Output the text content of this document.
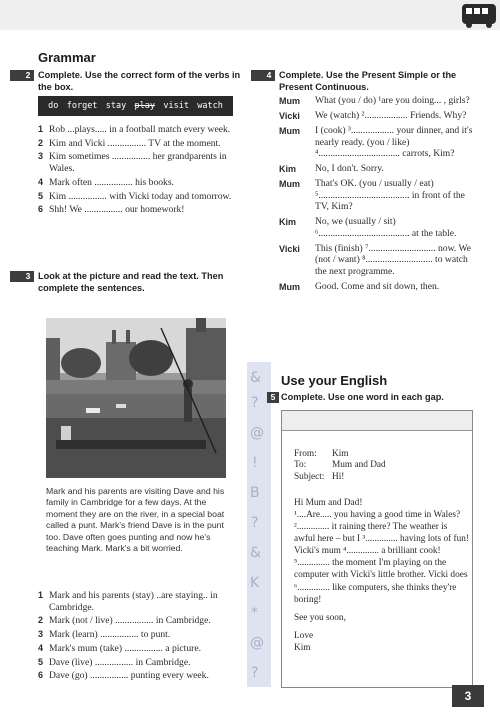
Grammar
2 Complete. Use the correct form of the verbs in the box.
do forget stay play visit watch
1 Rob ...plays..... in a football match every week.
2 Kim and Vicki ................ TV at the moment.
3 Kim sometimes ................ her grandparents in Wales.
4 Mark often ................ his books.
5 Kim ................ with Vicki today and tomorrow.
6 Shh! We ................ our homework!
3 Look at the picture and read the text. Then complete the sentences.
Mark and his parents are visiting Dave and his family in Cambridge for a few days. At the moment they are on the river, in a special boat called a punt. Mark's friend Dave is in the punt too. Dave often goes punting and now he's teaching Mark. Mark's a bit worried.
1 Mark and his parents (stay) ..are staying.. in Cambridge.
2 Mark (not / live) ................ in Cambridge.
3 Mark (learn) ................ to punt.
4 Mark's mum (take) ................ a picture.
5 Dave (live) ................ in Cambridge.
6 Dave (go) ................ punting every week.
4 Complete. Use the Present Simple or the Present Continuous.
Mum	What (you / do) ¹are you doing... , girls?
Vicki	We (watch) ².................. Friends. Why?
Mum	I (cook) ³.................. your dinner, and it's nearly ready. (you / like) ⁴.................................. carrots, Kim?
Kim	No, I don't. Sorry.
Mum	That's OK. (you / usually / eat) ⁵...................................... in front of the TV, Kim?
Kim	No, we (usually / sit) ⁶...................................... at the table.
Vicki	This (finish) ⁷............................ now. We (not / want) ⁸............................ to watch the next programme.
Mum	Good. Come and sit down, then.
&
?
@
!
B
?
&
K
*
@
?
Use your English
5 Complete. Use one word in each gap.
From:	Kim
To:	Mum and Dad
Subject: Hi!
Hi Mum and Dad!
¹....Are..... you having a good time in Wales? ².............. it raining there? The weather is awful here – but I ³.............. having lots of fun! Vicki's mum ⁴.............. a brilliant cook! ⁵.............. the moment I'm playing on the computer with Vicki's little brother. Vicki does ⁶.............. like computers, she thinks they're boring!
See you soon,
Love
Kim
3
